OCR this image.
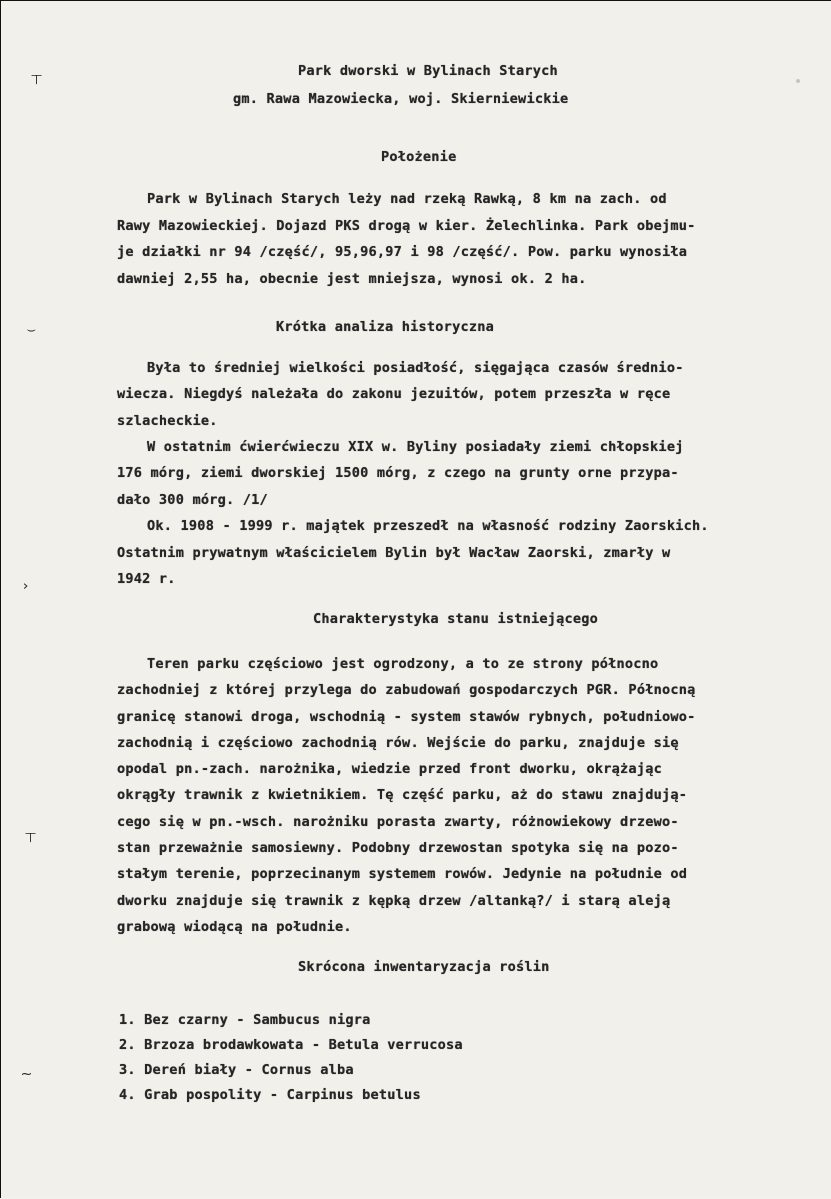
⊤
⌣
›
⊤
~
Park dworski w Bylinach Starych
gm. Rawa Mazowiecka, woj. Skierniewickie
Położenie
Park w Bylinach Starych leży nad rzeką Rawką, 8 km na zach. od
Rawy Mazowieckiej. Dojazd PKS drogą w kier. Żelechlinka. Park obejmu-
je działki nr 94 /część/, 95,96,97 i 98 /część/. Pow. parku wynosiła
dawniej 2,55 ha, obecnie jest mniejsza, wynosi ok. 2 ha.
Krótka analiza historyczna
Była to średniej wielkości posiadłość, sięgająca czasów średnio-
wiecza. Niegdyś należała do zakonu jezuitów, potem przeszła w ręce
szlacheckie.
W ostatnim ćwierćwieczu XIX w. Byliny posiadały ziemi chłopskiej
176 mórg, ziemi dworskiej 1500 mórg, z czego na grunty orne przypa-
dało 300 mórg. /1/
Ok. 1908 - 1999 r. majątek przeszedł na własność rodziny Zaorskich.
Ostatnim prywatnym właścicielem Bylin był Wacław Zaorski, zmarły w
1942 r.
Charakterystyka stanu istniejącego
Teren parku częściowo jest ogrodzony, a to ze strony północno
zachodniej z której przylega do zabudowań gospodarczych PGR. Północną
granicę stanowi droga, wschodnią - system stawów rybnych, południowo-
zachodnią i częściowo zachodnią rów. Wejście do parku, znajduje się
opodal pn.-zach. narożnika, wiedzie przed front dworku, okrążając
okrągły trawnik z kwietnikiem. Tę część parku, aż do stawu znajdują-
cego się w pn.-wsch. narożniku porasta zwarty, różnowiekowy drzewo-
stan przeważnie samosiewny. Podobny drzewostan spotyka się na pozo-
stałym terenie, poprzecinanym systemem rowów. Jedynie na południe od
dworku znajduje się trawnik z kępką drzew /altanką?/ i starą aleją
grabową wiodącą na południe.
Skrócona inwentaryzacja roślin
1. Bez czarny - Sambucus nigra
2. Brzoza brodawkowata - Betula verrucosa
3. Dereń biały - Cornus alba
4. Grab pospolity - Carpinus betulus
